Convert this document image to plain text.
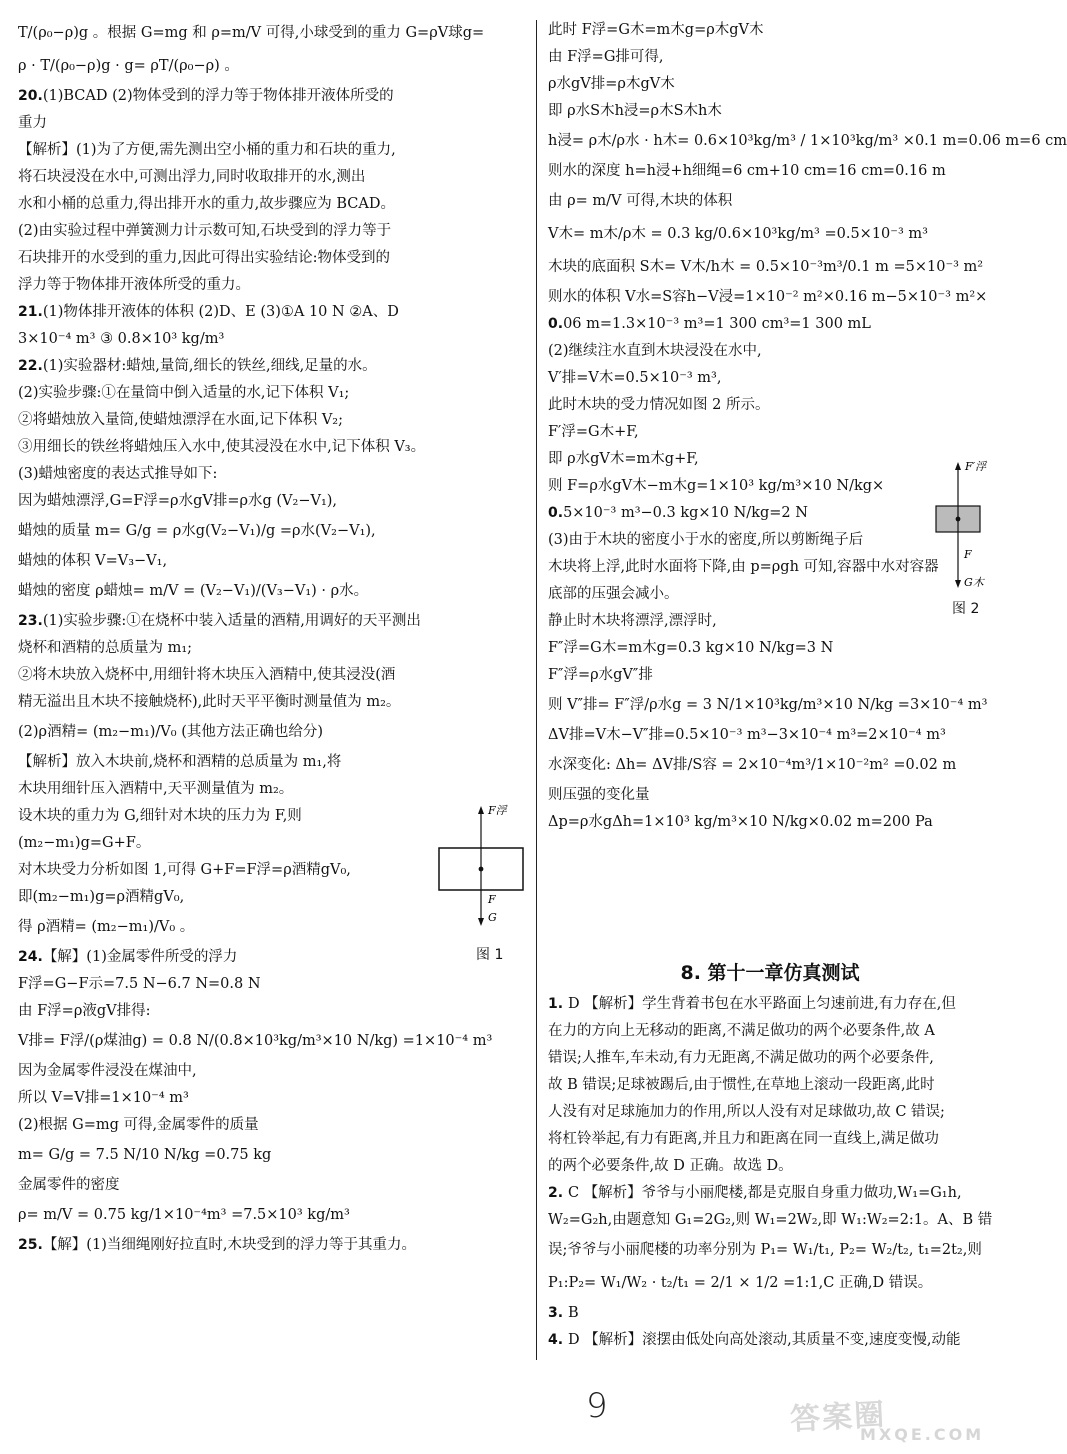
T/(ρ₀−ρ)g 。根据 G=mg 和 ρ=m/V 可得,小球受到的重力 G=ρV球g=
ρ · T/(ρ₀−ρ)g · g= ρT/(ρ₀−ρ) 。
20.(1)BCAD (2)物体受到的浮力等于物体排开液体所受的
重力
【解析】(1)为了方便,需先测出空小桶的重力和石块的重力,
将石块浸没在水中,可测出浮力,同时收取排开的水,测出
水和小桶的总重力,得出排开水的重力,故步骤应为 BCAD。
(2)由实验过程中弹簧测力计示数可知,石块受到的浮力等于
石块排开的水受到的重力,因此可得出实验结论:物体受到的
浮力等于物体排开液体所受的重力。
21.(1)物体排开液体的体积 (2)D、E (3)①A 10 N ②A、D
3×10⁻⁴ m³ ③ 0.8×10³ kg/m³
22.(1)实验器材:蜡烛,量筒,细长的铁丝,细线,足量的水。
(2)实验步骤:①在量筒中倒入适量的水,记下体积 V₁;
②将蜡烛放入量筒,使蜡烛漂浮在水面,记下体积 V₂;
③用细长的铁丝将蜡烛压入水中,使其浸没在水中,记下体积 V₃。
(3)蜡烛密度的表达式推导如下:
因为蜡烛漂浮,G=F浮=ρ水gV排=ρ水g (V₂−V₁),
蜡烛的质量 m= G/g = ρ水g(V₂−V₁)/g =ρ水(V₂−V₁),
蜡烛的体积 V=V₃−V₁,
蜡烛的密度 ρ蜡烛= m/V = (V₂−V₁)/(V₃−V₁) · ρ水。
23.(1)实验步骤:①在烧杯中装入适量的酒精,用调好的天平测出
烧杯和酒精的总质量为 m₁;
②将木块放入烧杯中,用细针将木块压入酒精中,使其浸没(酒
精无溢出且木块不接触烧杯),此时天平平衡时测量值为 m₂。
(2)ρ酒精= (m₂−m₁)/V₀ (其他方法正确也给分)
【解析】放入木块前,烧杯和酒精的总质量为 m₁,将
木块用细针压入酒精中,天平测量值为 m₂。
设木块的重力为 G,细针对木块的压力为 F,则
(m₂−m₁)g=G+F。
对木块受力分析如图 1,可得 G+F=F浮=ρ酒精gV₀,
即(m₂−m₁)g=ρ酒精gV₀,
得 ρ酒精= (m₂−m₁)/V₀ 。
24.【解】(1)金属零件所受的浮力
F浮=G−F示=7.5 N−6.7 N=0.8 N
由 F浮=ρ液gV排得:
V排= F浮/(ρ煤油g) = 0.8 N/(0.8×10³kg/m³×10 N/kg) =1×10⁻⁴ m³
因为金属零件浸没在煤油中,
所以 V=V排=1×10⁻⁴ m³
(2)根据 G=mg 可得,金属零件的质量
m= G/g = 7.5 N/10 N/kg =0.75 kg
金属零件的密度
ρ= m/V = 0.75 kg/1×10⁻⁴m³ =7.5×10³ kg/m³
25.【解】(1)当细绳刚好拉直时,木块受到的浮力等于其重力。
此时 F浮=G木=m木g=ρ木gV木
由 F浮=G排可得,
ρ水gV排=ρ木gV木
即 ρ水S木h浸=ρ木S木h木
h浸= ρ木/ρ水 · h木= 0.6×10³kg/m³ / 1×10³kg/m³ ×0.1 m=0.06 m=6 cm
则水的深度 h=h浸+h细绳=6 cm+10 cm=16 cm=0.16 m
由 ρ= m/V 可得,木块的体积
V木= m木/ρ木 = 0.3 kg/0.6×10³kg/m³ =0.5×10⁻³ m³
木块的底面积 S木= V木/h木 = 0.5×10⁻³m³/0.1 m =5×10⁻³ m²
则水的体积 V水=S容h−V浸=1×10⁻² m²×0.16 m−5×10⁻³ m²×
0.06 m=1.3×10⁻³ m³=1 300 cm³=1 300 mL
(2)继续注水直到木块浸没在水中,
V′排=V木=0.5×10⁻³ m³,
此时木块的受力情况如图 2 所示。
F′浮=G木+F,
即 ρ水gV木=m木g+F,
则 F=ρ水gV木−m木g=1×10³ kg/m³×10 N/kg×
0.5×10⁻³ m³−0.3 kg×10 N/kg=2 N
(3)由于木块的密度小于水的密度,所以剪断绳子后
木块将上浮,此时水面将下降,由 p=ρgh 可知,容器中水对容器
底部的压强会减小。
静止时木块将漂浮,漂浮时,
F″浮=G木=m木g=0.3 kg×10 N/kg=3 N
F″浮=ρ水gV″排
则 V″排= F″浮/ρ水g = 3 N/1×10³kg/m³×10 N/kg =3×10⁻⁴ m³
ΔV排=V木−V″排=0.5×10⁻³ m³−3×10⁻⁴ m³=2×10⁻⁴ m³
水深变化: Δh= ΔV排/S容 = 2×10⁻⁴m³/1×10⁻²m² =0.02 m
则压强的变化量
Δp=ρ水gΔh=1×10³ kg/m³×10 N/kg×0.02 m=200 Pa
F浮
F
G
图 1
F′浮
F
G木
图 2
8. 第十一章仿真测试
1. D 【解析】学生背着书包在水平路面上匀速前进,有力存在,但
在力的方向上无移动的距离,不满足做功的两个必要条件,故 A
错误;人推车,车未动,有力无距离,不满足做功的两个必要条件,
故 B 错误;足球被踢后,由于惯性,在草地上滚动一段距离,此时
人没有对足球施加力的作用,所以人没有对足球做功,故 C 错误;
将杠铃举起,有力有距离,并且力和距离在同一直线上,满足做功
的两个必要条件,故 D 正确。故选 D。
2. C 【解析】爷爷与小丽爬楼,都是克服自身重力做功,W₁=G₁h,
W₂=G₂h,由题意知 G₁=2G₂,则 W₁=2W₂,即 W₁:W₂=2:1。A、B 错
误;爷爷与小丽爬楼的功率分别为 P₁= W₁/t₁, P₂= W₂/t₂, t₁=2t₂,则
P₁:P₂= W₁/W₂ · t₂/t₁ = 2/1 × 1/2 =1:1,C 正确,D 错误。
3. B
4. D 【解析】滚摆由低处向高处滚动,其质量不变,速度变慢,动能
9	答案圈
MXQE.COM
